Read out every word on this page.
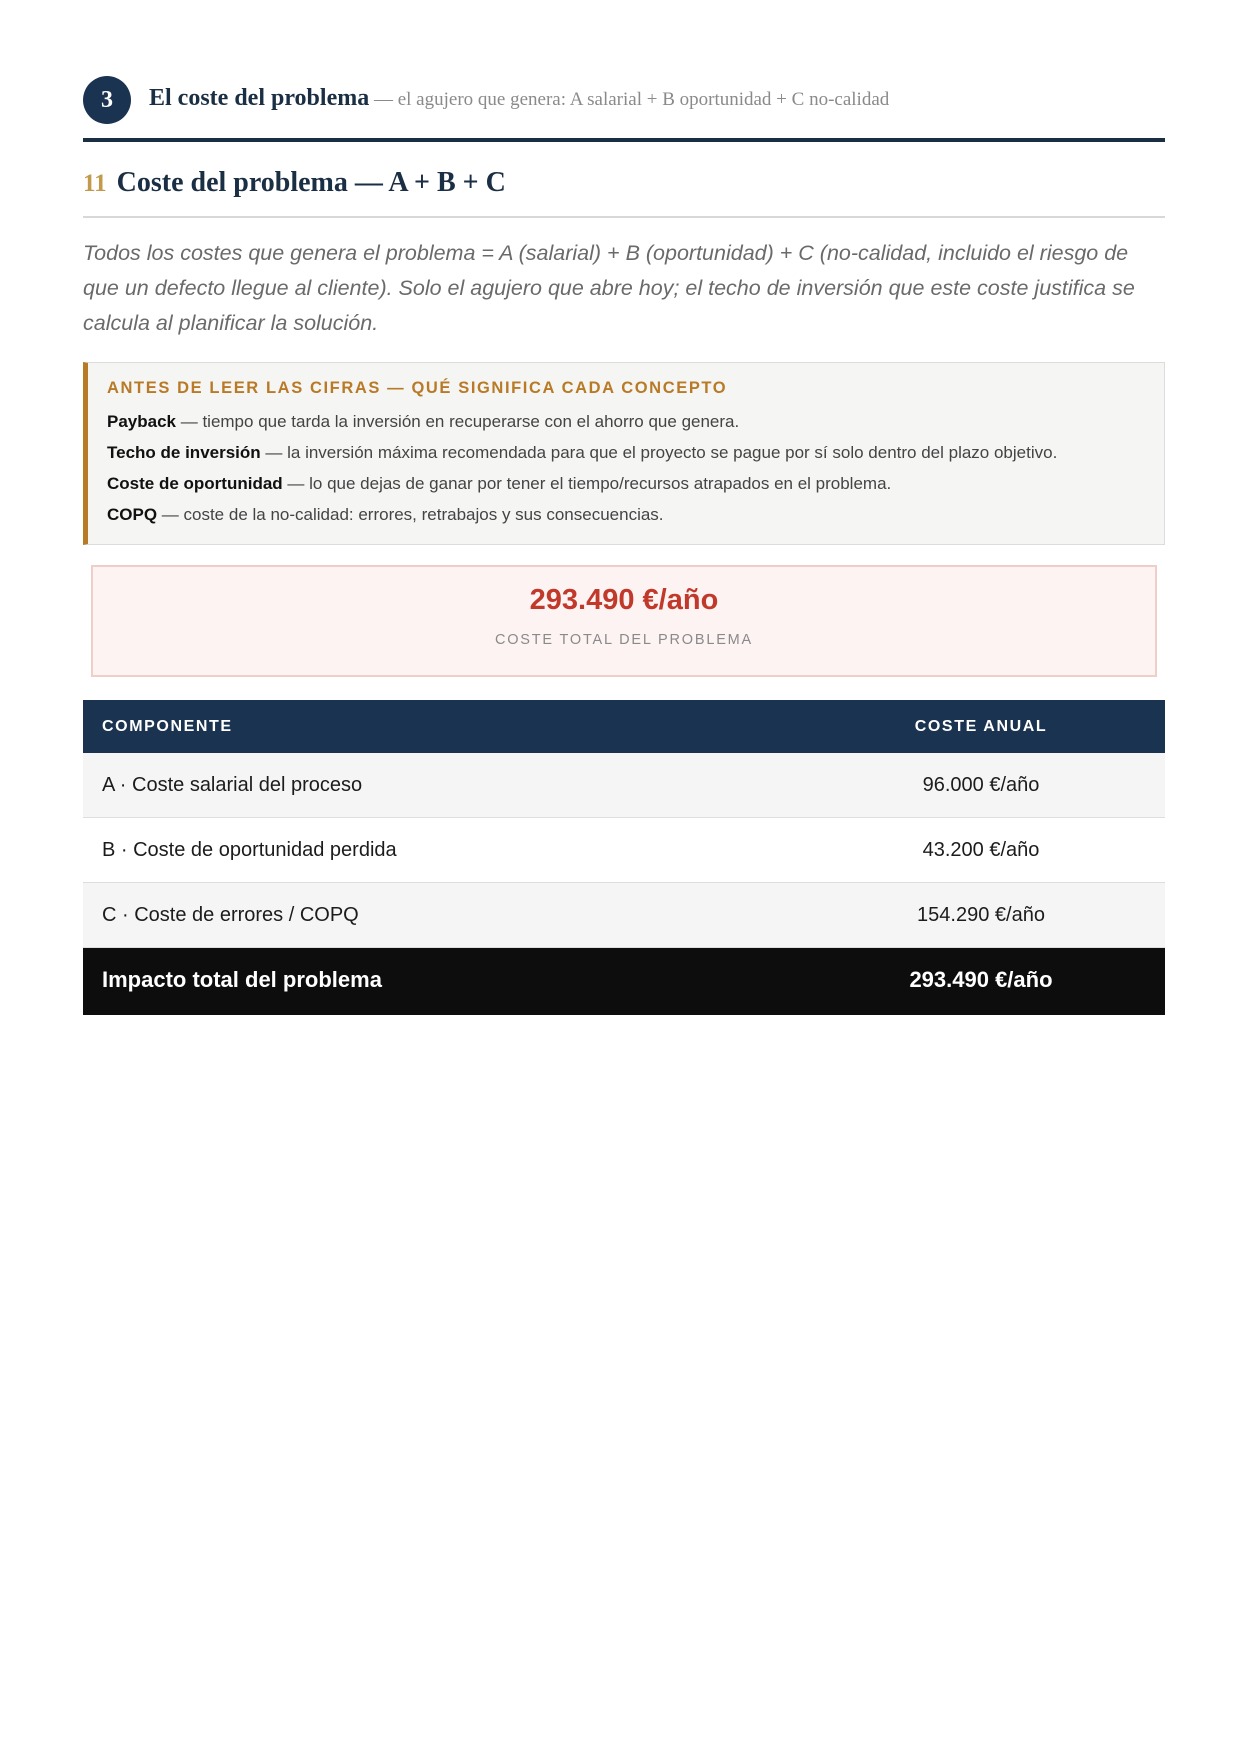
3	El coste del problema — el agujero que genera: A salarial + B oportunidad + C no-calidad
11 Coste del problema — A + B + C

Todos los costes que genera el problema = A (salarial) + B (oportunidad) + C (no-calidad, incluido el riesgo de que un defecto llegue al cliente). Solo el agujero que abre hoy; el techo de inversión que este coste justifica se calcula al planificar la solución.

ANTES DE LEER LAS CIFRAS — QUÉ SIGNIFICA CADA CONCEPTO
Payback — tiempo que tarda la inversión en recuperarse con el ahorro que genera.
Techo de inversión — la inversión máxima recomendada para que el proyecto se pague por sí solo dentro del plazo objetivo.
Coste de oportunidad — lo que dejas de ganar por tener el tiempo/recursos atrapados en el problema.
COPQ — coste de la no-calidad: errores, retrabajos y sus consecuencias.
293.490 €/año
COSTE TOTAL DEL PROBLEMA
COMPONENTE	COSTE ANUAL
A · Coste salarial del proceso	96.000 €/año
B · Coste de oportunidad perdida	43.200 €/año
C · Coste de errores / COPQ	154.290 €/año
Impacto total del problema	293.490 €/año
